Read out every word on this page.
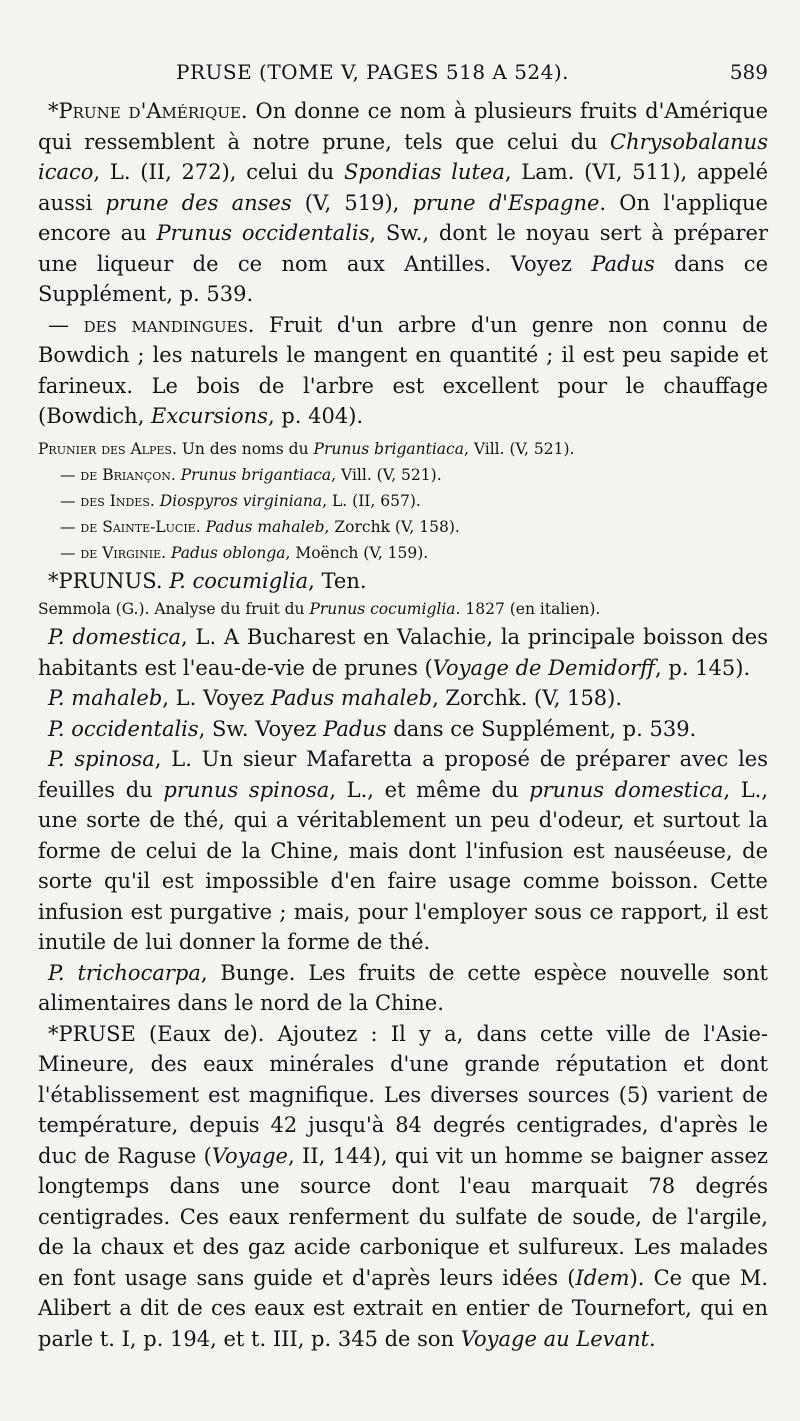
PRUSE (TOME V, PAGES 518 A 524).	589

*Prune d'Amérique. On donne ce nom à plusieurs fruits d'Amérique qui ressemblent à notre prune, tels que celui du Chrysobalanus icaco, L. (II, 272), celui du Spondias lutea, Lam. (VI, 511), appelé aussi prune des anses (V, 519), prune d'Espagne. On l'applique encore au Prunus occidentalis, Sw., dont le noyau sert à préparer une liqueur de ce nom aux Antilles. Voyez Padus dans ce Supplément, p. 539.

— des mandingues. Fruit d'un arbre d'un genre non connu de Bowdich ; les naturels le mangent en quantité ; il est peu sapide et farineux. Le bois de l'arbre est excellent pour le chauffage (Bowdich, Excursions, p. 404).

Prunier des Alpes. Un des noms du Prunus brigantiaca, Vill. (V, 521).

— de Briançon. Prunus brigantiaca, Vill. (V, 521).

— des Indes. Diospyros virginiana, L. (II, 657).

— de Sainte-Lucie. Padus mahaleb, Zorchk (V, 158).

— de Virginie. Padus oblonga, Moënch (V, 159).

*PRUNUS. P. cocumiglia, Ten.

Semmola (G.). Analyse du fruit du Prunus cocumiglia. 1827 (en italien).

P. domestica, L. A Bucharest en Valachie, la principale boisson des habitants est l'eau-de-vie de prunes (Voyage de Demidorff, p. 145).

P. mahaleb, L. Voyez Padus mahaleb, Zorchk. (V, 158).

P. occidentalis, Sw. Voyez Padus dans ce Supplément, p. 539.

P. spinosa, L. Un sieur Mafaretta a proposé de préparer avec les feuilles du prunus spinosa, L., et même du prunus domestica, L., une sorte de thé, qui a véritablement un peu d'odeur, et surtout la forme de celui de la Chine, mais dont l'infusion est nauséeuse, de sorte qu'il est impossible d'en faire usage comme boisson. Cette infusion est purgative ; mais, pour l'employer sous ce rapport, il est inutile de lui donner la forme de thé.

P. trichocarpa, Bunge. Les fruits de cette espèce nouvelle sont alimentaires dans le nord de la Chine.

*PRUSE (Eaux de). Ajoutez : Il y a, dans cette ville de l'Asie-Mineure, des eaux minérales d'une grande réputation et dont l'établissement est magnifique. Les diverses sources (5) varient de température, depuis 42 jusqu'à 84 degrés centigrades, d'après le duc de Raguse (Voyage, II, 144), qui vit un homme se baigner assez longtemps dans une source dont l'eau marquait 78 degrés centigrades. Ces eaux renferment du sulfate de soude, de l'argile, de la chaux et des gaz acide carbonique et sulfureux. Les malades en font usage sans guide et d'après leurs idées (Idem). Ce que M. Alibert a dit de ces eaux est extrait en entier de Tournefort, qui en parle t. I, p. 194, et t. III, p. 345 de son Voyage au Levant.
